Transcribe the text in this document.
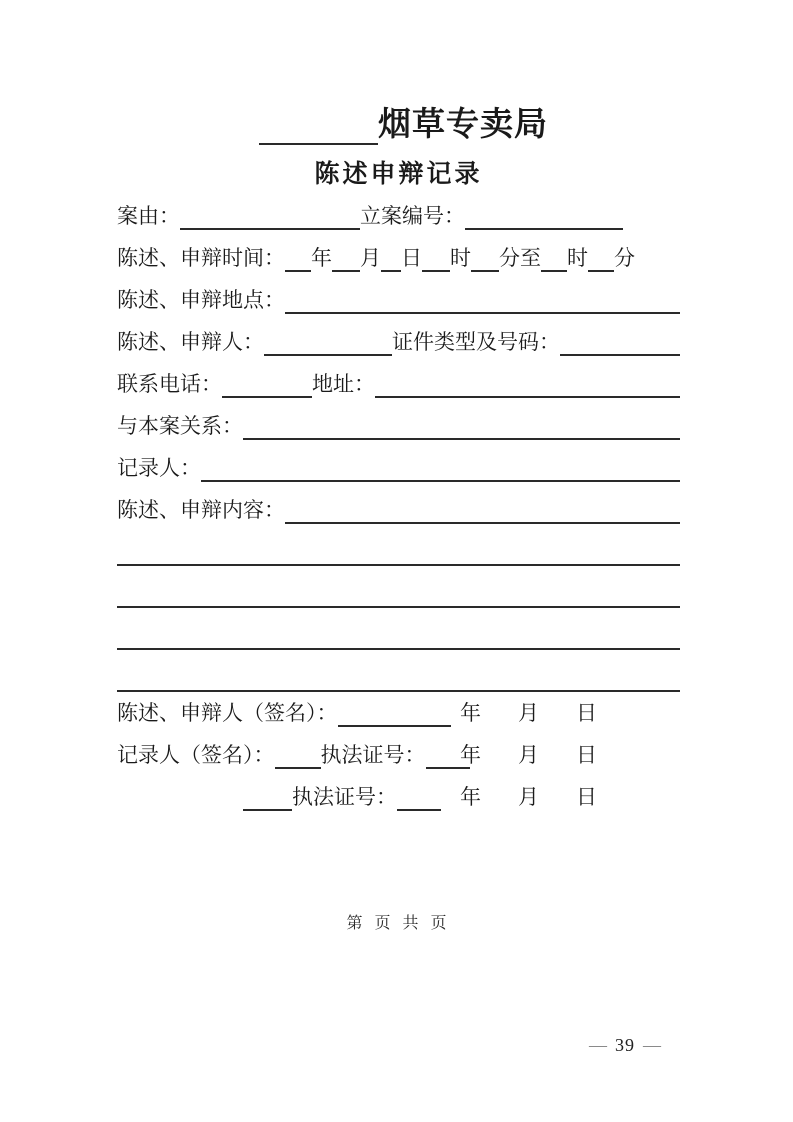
烟草专卖局
陈述申辩记录
案由：	立案编号：
陈述、申辩时间： 年 月 日 时 分至 时 分
陈述、申辩地点：
陈述、申辩人：	证件类型及号码：
联系电话：	地址：
与本案关系：
记录人：
陈述、申辩内容：
陈述、申辩人（签名）：	年 月 日
记录人（签名）： 执法证号： 年 月 日
执法证号：	年 月 日
第 页 共 页
— 39 —
